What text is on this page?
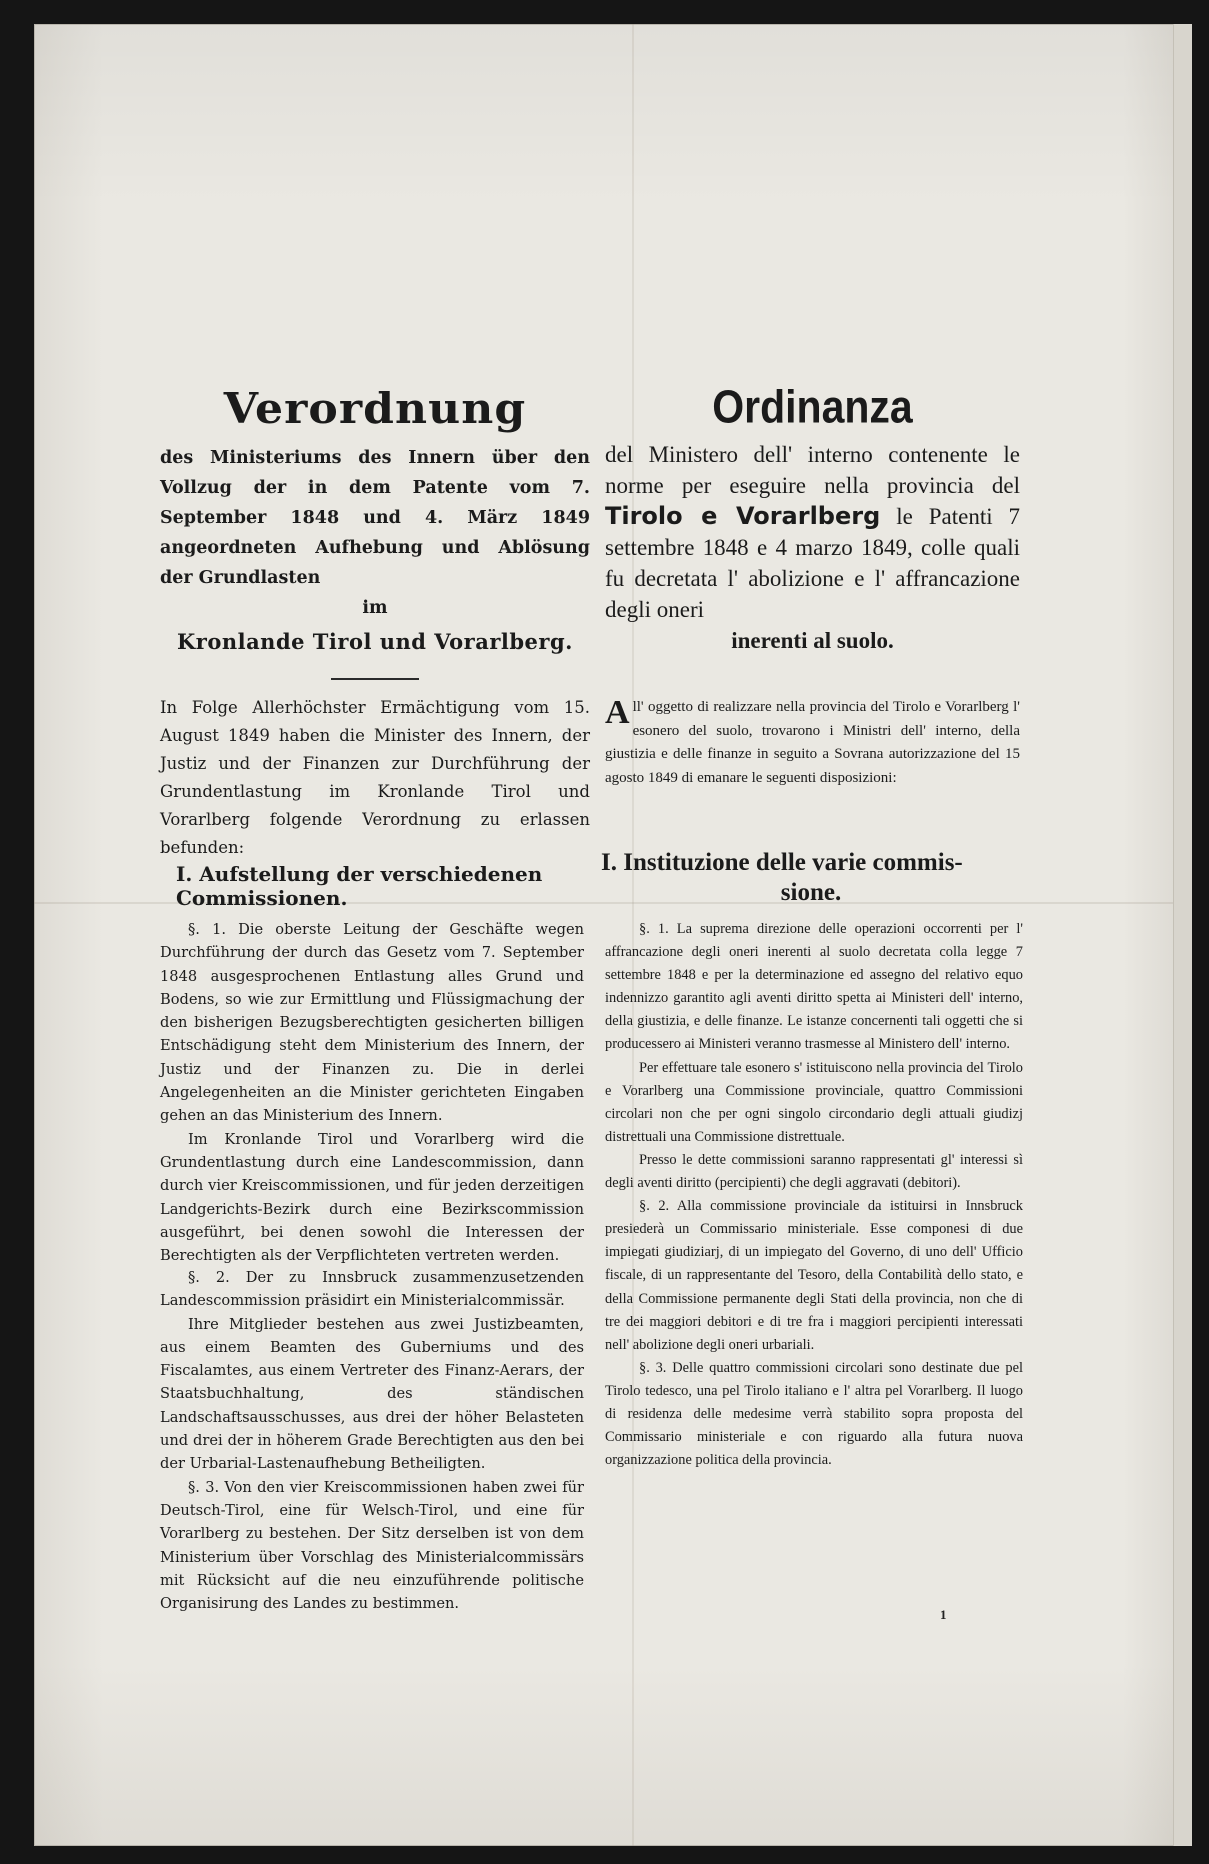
Verordnung
des Ministeriums des Innern über den Vollzug der in dem Patente vom 7. September 1848 und 4. März 1849 angeordneten Aufhebung und Ablösung der Grundlasten
im
Kronlande Tirol und Vorarlberg.
Ordinanza
del Ministero dell' interno contenente le norme per eseguire nella provincia del Tirolo e Vorarlberg le Patenti 7 settembre 1848 e 4 marzo 1849, colle quali fu decretata l' abolizione e l' affrancazione degli oneri
inerenti al suolo.
In Folge Allerhöchster Ermächtigung vom 15. August 1849 haben die Minister des Innern, der Justiz und der Finanzen zur Durchführung der Grundentlastung im Kronlande Tirol und Vorarlberg folgende Verordnung zu erlassen befunden:
All' oggetto di realizzare nella provincia del Tirolo e Vorarlberg l' esonero del suolo, trovarono i Ministri dell' interno, della giustizia e delle finanze in seguito a Sovrana autorizzazione del 15 agosto 1849 di emanare le seguenti disposizioni:
I. Aufstellung der verschiedenen Commissionen.
I. Instituzione delle varie commis-
sione.

§. 1. Die oberste Leitung der Geschäfte wegen Durchführung der durch das Gesetz vom 7. September 1848 ausgesprochenen Entlastung alles Grund und Bodens, so wie zur Ermittlung und Flüssigmachung der den bisherigen Bezugsberechtigten gesicherten billigen Entschädigung steht dem Ministerium des Innern, der Justiz und der Finanzen zu. Die in derlei Angelegenheiten an die Minister gerichteten Eingaben gehen an das Ministerium des Innern.

Im Kronlande Tirol und Vorarlberg wird die Grundentlastung durch eine Landescommission, dann durch vier Kreiscommissionen, und für jeden derzeitigen Landgerichts-Bezirk durch eine Bezirkscommission ausgeführt, bei denen sowohl die Interessen der Berechtigten als der Verpflichteten vertreten werden.

§. 2. Der zu Innsbruck zusammenzusetzenden Landescommission präsidirt ein Ministerialcommissär.

Ihre Mitglieder bestehen aus zwei Justizbeamten, aus einem Beamten des Guberniums und des Fiscalamtes, aus einem Vertreter des Finanz-Aerars, der Staatsbuchhaltung, des ständischen Landschaftsausschusses, aus drei der höher Belasteten und drei der in höherem Grade Berechtigten aus den bei der Urbarial-Lastenaufhebung Betheiligten.

§. 3. Von den vier Kreiscommissionen haben zwei für Deutsch-Tirol, eine für Welsch-Tirol, und eine für Vorarlberg zu bestehen. Der Sitz derselben ist von dem Ministerium über Vorschlag des Ministerialcommissärs mit Rücksicht auf die neu einzuführende politische Organisirung des Landes zu bestimmen.

§. 1. La suprema direzione delle operazioni occorrenti per l' affrancazione degli oneri inerenti al suolo decretata colla legge 7 settembre 1848 e per la determinazione ed assegno del relativo equo indennizzo garantito agli aventi diritto spetta ai Ministeri dell' interno, della giustizia, e delle finanze. Le istanze concernenti tali oggetti che si producessero ai Ministeri veranno trasmesse al Ministero dell' interno.

Per effettuare tale esonero s' istituiscono nella provincia del Tirolo e Vorarlberg una Commissione provinciale, quattro Commissioni circolari non che per ogni singolo circondario degli attuali giudizj distrettuali una Commissione distrettuale.

Presso le dette commissioni saranno rappresentati gl' interessi sì degli aventi diritto (percipienti) che degli aggravati (debitori).

§. 2. Alla commissione provinciale da istituirsi in Innsbruck presiederà un Commissario ministeriale. Esse componesi di due impiegati giudiziarj, di un impiegato del Governo, di uno dell' Ufficio fiscale, di un rappresentante del Tesoro, della Contabilità dello stato, e della Commissione permanente degli Stati della provincia, non che di tre dei maggiori debitori e di tre fra i maggiori percipienti interessati nell' abolizione degli oneri urbariali.

§. 3. Delle quattro commissioni circolari sono destinate due pel Tirolo tedesco, una pel Tirolo italiano e l' altra pel Vorarlberg. Il luogo di residenza delle medesime verrà stabilito sopra proposta del Commissario ministeriale e con riguardo alla futura nuova organizzazione politica della provincia.

1
